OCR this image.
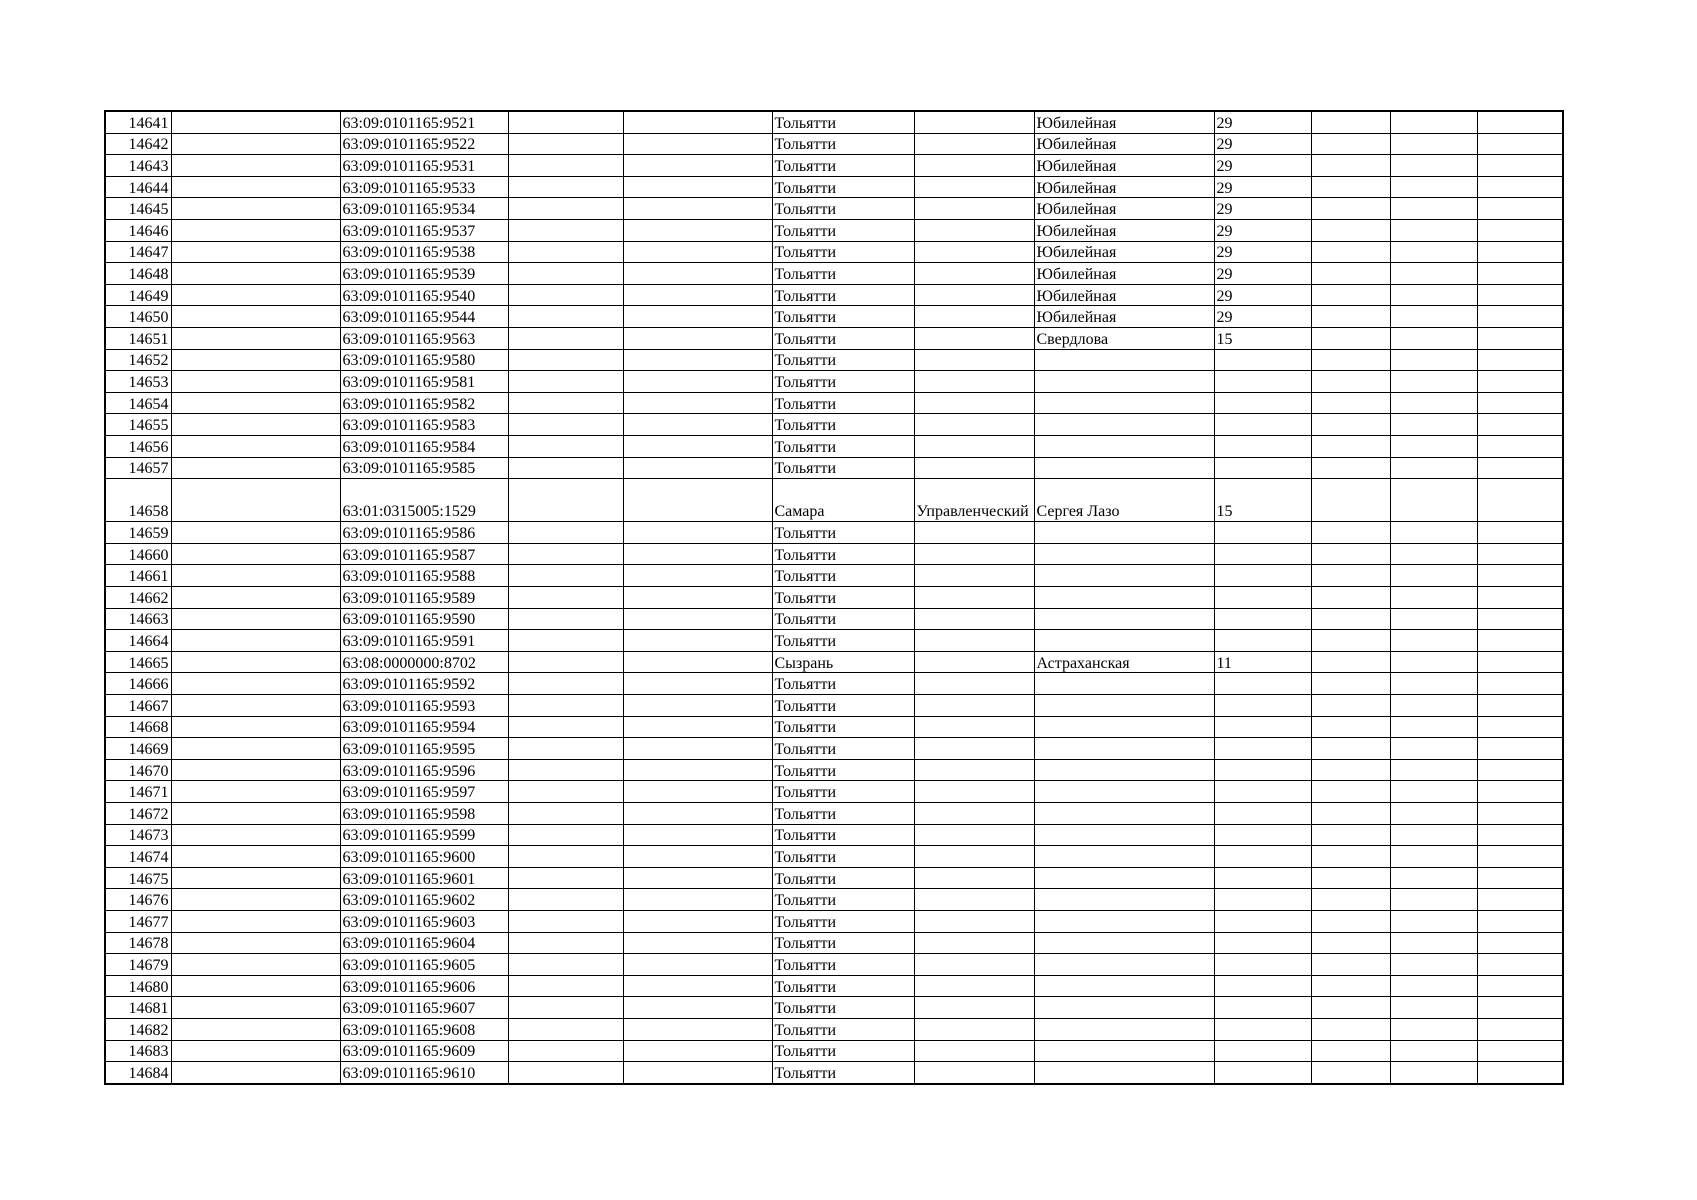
14641		63:09:0101165:9521			Тольятти		Юбилейная	29			
14642		63:09:0101165:9522			Тольятти		Юбилейная	29			
14643		63:09:0101165:9531			Тольятти		Юбилейная	29			
14644		63:09:0101165:9533			Тольятти		Юбилейная	29			
14645		63:09:0101165:9534			Тольятти		Юбилейная	29			
14646		63:09:0101165:9537			Тольятти		Юбилейная	29			
14647		63:09:0101165:9538			Тольятти		Юбилейная	29			
14648		63:09:0101165:9539			Тольятти		Юбилейная	29			
14649		63:09:0101165:9540			Тольятти		Юбилейная	29			
14650		63:09:0101165:9544			Тольятти		Юбилейная	29			
14651		63:09:0101165:9563			Тольятти		Свердлова	15			
14652		63:09:0101165:9580			Тольятти						
14653		63:09:0101165:9581			Тольятти						
14654		63:09:0101165:9582			Тольятти						
14655		63:09:0101165:9583			Тольятти						
14656		63:09:0101165:9584			Тольятти						
14657		63:09:0101165:9585			Тольятти						
14658		63:01:0315005:1529			Самара	Управленческий	Сергея Лазо	15			
14659		63:09:0101165:9586			Тольятти						
14660		63:09:0101165:9587			Тольятти						
14661		63:09:0101165:9588			Тольятти						
14662		63:09:0101165:9589			Тольятти						
14663		63:09:0101165:9590			Тольятти						
14664		63:09:0101165:9591			Тольятти						
14665		63:08:0000000:8702			Сызрань		Астраханская	11			
14666		63:09:0101165:9592			Тольятти						
14667		63:09:0101165:9593			Тольятти						
14668		63:09:0101165:9594			Тольятти						
14669		63:09:0101165:9595			Тольятти						
14670		63:09:0101165:9596			Тольятти						
14671		63:09:0101165:9597			Тольятти						
14672		63:09:0101165:9598			Тольятти						
14673		63:09:0101165:9599			Тольятти						
14674		63:09:0101165:9600			Тольятти						
14675		63:09:0101165:9601			Тольятти						
14676		63:09:0101165:9602			Тольятти						
14677		63:09:0101165:9603			Тольятти						
14678		63:09:0101165:9604			Тольятти						
14679		63:09:0101165:9605			Тольятти						
14680		63:09:0101165:9606			Тольятти						
14681		63:09:0101165:9607			Тольятти						
14682		63:09:0101165:9608			Тольятти						
14683		63:09:0101165:9609			Тольятти						
14684		63:09:0101165:9610			Тольятти						
